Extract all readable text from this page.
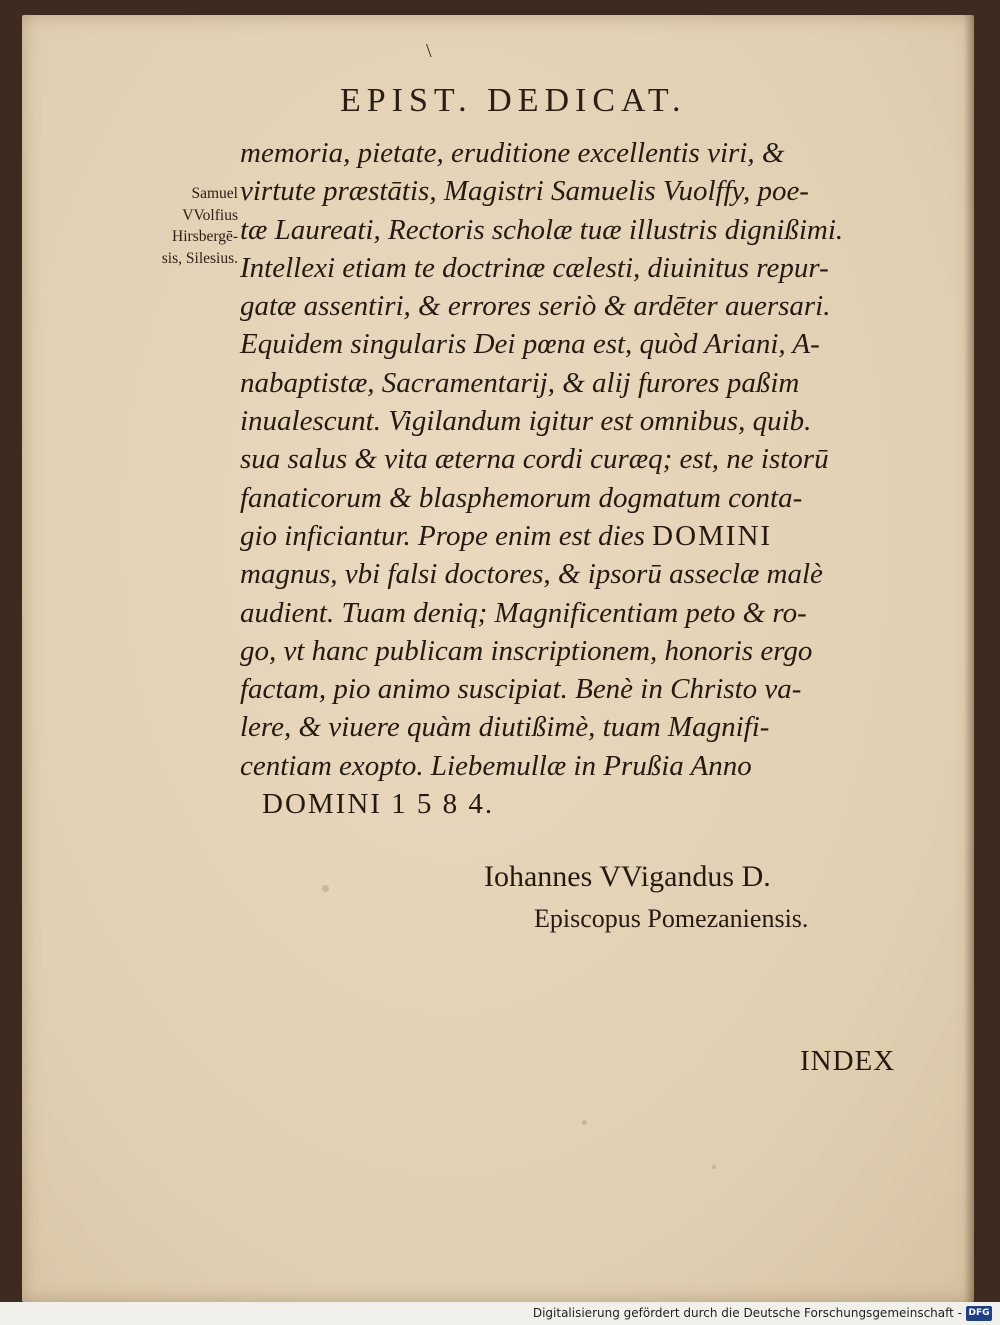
\
EPIST. DEDICAT.
Samuel
VVolfius
Hirsbergē-
sis, Silesius.
memoria, pietate, eruditione excellentis viri, &
virtute præstātis, Magistri Samuelis Vuolffy, poe-
tæ Laureati, Rectoris scholæ tuæ illustris dignißimi.
Intellexi etiam te doctrinæ cælesti, diuinitus repur-
gatæ assentiri, & errores seriò & ardēter auersari.
Equidem singularis Dei pœna est, quòd Ariani, A-
nabaptistæ, Sacramentarij, & alij furores paßim
inualescunt. Vigilandum igitur est omnibus, quib.
sua salus & vita æterna cordi curæq; est, ne istorū
fanaticorum & blasphemorum dogmatum conta-
gio inficiantur. Prope enim est dies DOMINI
magnus, vbi falsi doctores, & ipsorū asseclæ malè
audient. Tuam deniq; Magnificentiam peto & ro-
go, vt hanc publicam inscriptionem, honoris ergo
factam, pio animo suscipiat. Benè in Christo va-
lere, & viuere quàm diutißimè, tuam Magnifi-
centiam exopto. Liebemullæ in Prußia Anno
DOMINI 1 5 8 4.
Iohannes VVigandus D.
Episcopus Pomezaniensis.
INDEX
Digitalisierung gefördert durch die Deutsche Forschungsgemeinschaft - DFG
